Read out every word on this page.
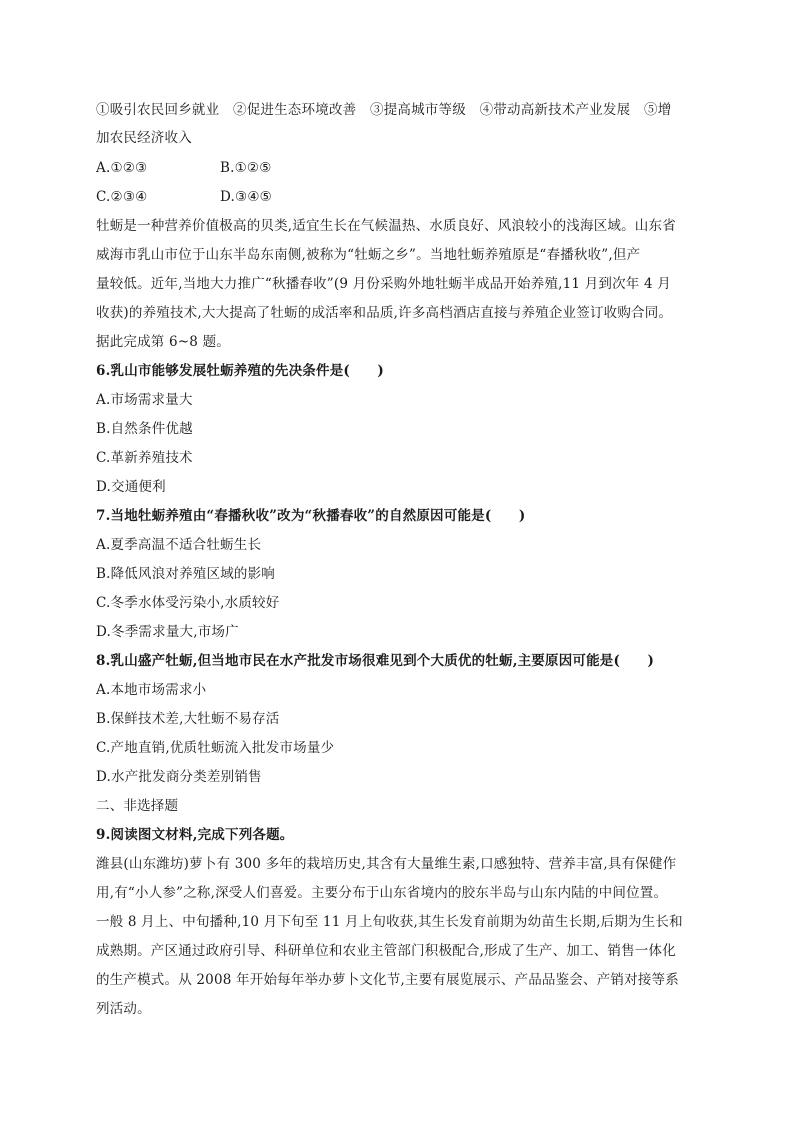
①吸引农民回乡就业　②促进生态环境改善　③提高城市等级　④带动高新技术产业发展　⑤增
加农民经济收入
A.①②③	B.①②⑤
C.②③④	D.③④⑤
牡蛎是一种营养价值极高的贝类,适宜生长在气候温热、水质良好、风浪较小的浅海区域。山东省
威海市乳山市位于山东半岛东南侧,被称为“牡蛎之乡”。当地牡蛎养殖原是“春播秋收”,但产
量较低。近年,当地大力推广“秋播春收”(9 月份采购外地牡蛎半成品开始养殖,11 月到次年 4 月
收获)的养殖技术,大大提高了牡蛎的成活率和品质,许多高档酒店直接与养殖企业签订收购合同。
据此完成第 6~8 题。
6.乳山市能够发展牡蛎养殖的先决条件是(　　)
A.市场需求量大
B.自然条件优越
C.革新养殖技术
D.交通便利
7.当地牡蛎养殖由“春播秋收”改为“秋播春收”的自然原因可能是(　　)
A.夏季高温不适合牡蛎生长
B.降低风浪对养殖区域的影响
C.冬季水体受污染小,水质较好
D.冬季需求量大,市场广
8.乳山盛产牡蛎,但当地市民在水产批发市场很难见到个大质优的牡蛎,主要原因可能是(　　)
A.本地市场需求小
B.保鲜技术差,大牡蛎不易存活
C.产地直销,优质牡蛎流入批发市场量少
D.水产批发商分类差别销售
二、非选择题
9.阅读图文材料,完成下列各题。
潍县(山东潍坊)萝卜有 300 多年的栽培历史,其含有大量维生素,口感独特、营养丰富,具有保健作
用,有“小人参”之称,深受人们喜爱。主要分布于山东省境内的胶东半岛与山东内陆的中间位置。
一般 8 月上、中旬播种,10 月下旬至 11 月上旬收获,其生长发育前期为幼苗生长期,后期为生长和
成熟期。产区通过政府引导、科研单位和农业主管部门积极配合,形成了生产、加工、销售一体化
的生产模式。从 2008 年开始每年举办萝卜文化节,主要有展览展示、产品品鉴会、产销对接等系
列活动。
